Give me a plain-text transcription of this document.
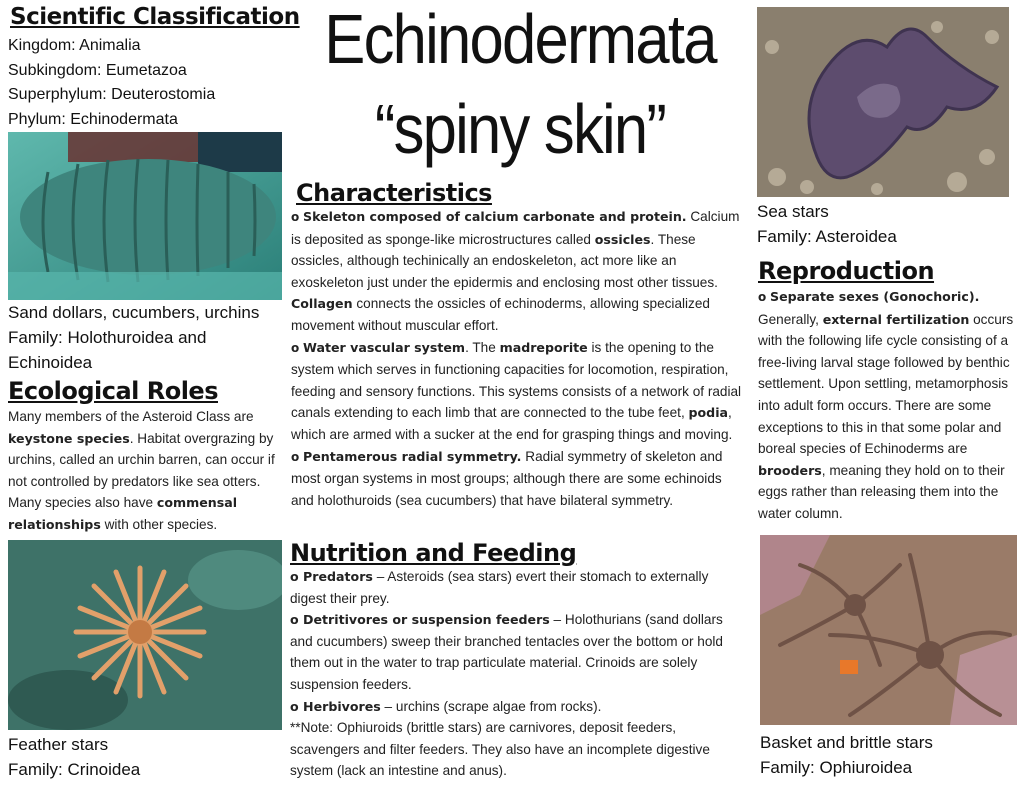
Scientific Classification
Kingdom: Animalia
Subkingdom: Eumetazoa
Superphylum: Deuterostomia
Phylum: Echinodermata
Echinodermata
“spiny skin”
Sand dollars, cucumbers, urchins
Family: Holothuroidea and
Echinoidea
Ecological Roles
Many members of the Asteroid Class are keystone species. Habitat overgrazing by urchins, called an urchin barren, can occur if not controlled by predators like sea otters. Many species also have commensal relationships with other species.
Feather stars
Family: Crinoidea
Characteristics

o Skeleton composed of calcium carbonate and protein. Calcium is deposited as sponge-like microstructures called ossicles. These ossicles, although techinically an endoskeleton, act more like an exoskeleton just under the epidermis and enclosing most other tissues. Collagen connects the ossicles of echinoderms, allowing specialized movement without muscular effort.

o Water vascular system. The madreporite is the opening to the system which serves in functioning capacities for locomotion, respiration, feeding and sensory functions. This systems consists of a network of radial canals extending to each limb that are connected to the tube feet, podia, which are armed with a sucker at the end for grasping things and moving.

o Pentamerous radial symmetry. Radial symmetry of skeleton and most organ systems in most groups; although there are some echinoids and holothuroids (sea cucumbers) that have bilateral symmetry.

Nutrition and Feeding

o Predators – Asteroids (sea stars) evert their stomach to externally digest their prey.

o Detritivores or suspension feeders – Holothurians (sand dollars and cucumbers) sweep their branched tentacles over the bottom or hold them out in the water to trap particulate material. Crinoids are solely suspension feeders.

o Herbivores – urchins (scrape algae from rocks).

**Note: Ophiuroids (brittle stars) are carnivores, deposit feeders, scavengers and filter feeders. They also have an incomplete digestive system (lack an intestine and anus).

Sea stars
Family: Asteroidea
Reproduction
o Separate sexes (Gonochoric). Generally, external fertilization occurs with the following life cycle consisting of a free-living larval stage followed by benthic settlement. Upon settling, metamorphosis into adult form occurs. There are some exceptions to this in that some polar and boreal species of Echinoderms are brooders, meaning they hold on to their eggs rather than releasing them into the water column.
Basket and brittle stars
Family: Ophiuroidea
